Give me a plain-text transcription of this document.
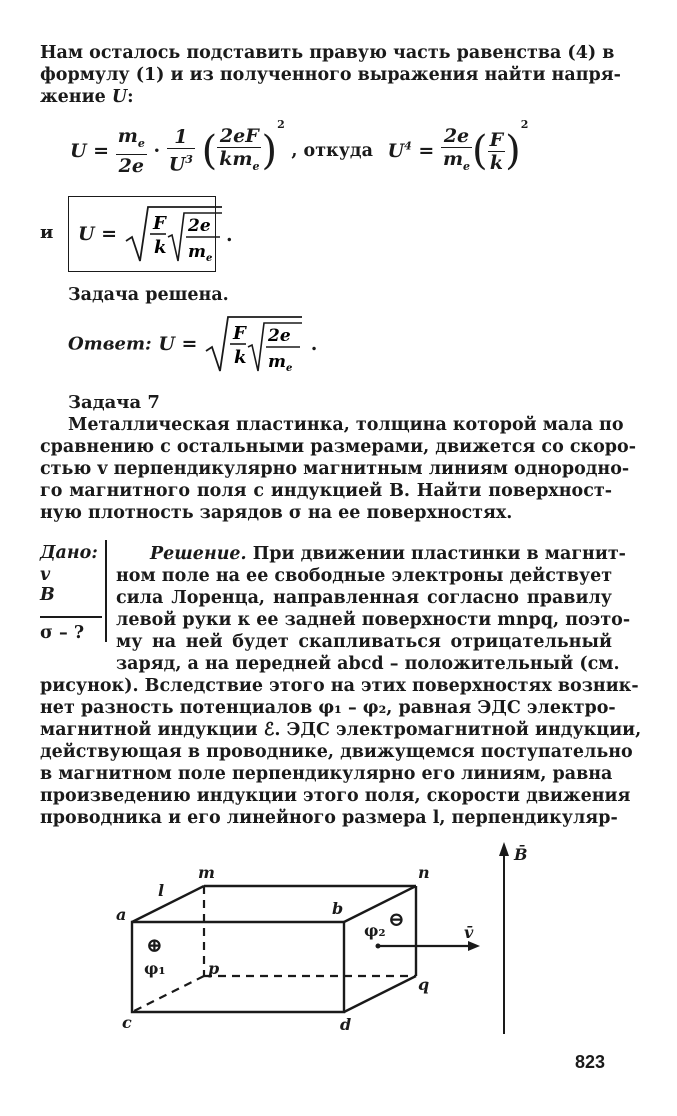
Нам осталось подставить правую часть равенства (4) в
формулу (1) и из полученного выражения найти напря-
жение U:
$U = \frac{m_e}{2e} \cdot \frac{1}{U^3}$ ( $\frac{2eF}{km_e} )^2$ , откуда $U^4 = \frac{2e}{m_e}$ ( $\frac{F}{k} )^2$
и U = F
k
2e
m e
.
Задача решена.
Ответ: U = F
k
2e
m e
.
Задача 7
Металлическая пластинка, толщина которой мала по
сравнению с остальными размерами, движется со скоро-
стью v перпендикулярно магнитным линиям однородно-
го магнитного поля с индукцией B. Найти поверхност-
ную плотность зарядов σ на ее поверхностях.
Дано:
v
B
σ – ?
Решение. При движении пластинки в магнит-
ном поле на ее свободные электроны действует
сила Лоренца, направленная согласно правилу
левой руки к ее задней поверхности mnpq, поэто-
му на ней будет скапливаться отрицательный
заряд, а на передней abcd – положительный (см.
рисунок). Вследствие этого на этих поверхностях возник-
нет разность потенциалов φ₁ – φ₂, равная ЭДС электро-
магнитной индукции ℰ. ЭДС электромагнитной индукции,
действующая в проводнике, движущемся поступательно
в магнитном поле перпендикулярно его линиям, равна
произведению индукции этого поля, скорости движения
проводника и его линейного размера l, перпендикуляр-
l
m	n
a	b
c	d
p
q
v̄
B̄
⊕
⊖
φ₁
φ₂
823
